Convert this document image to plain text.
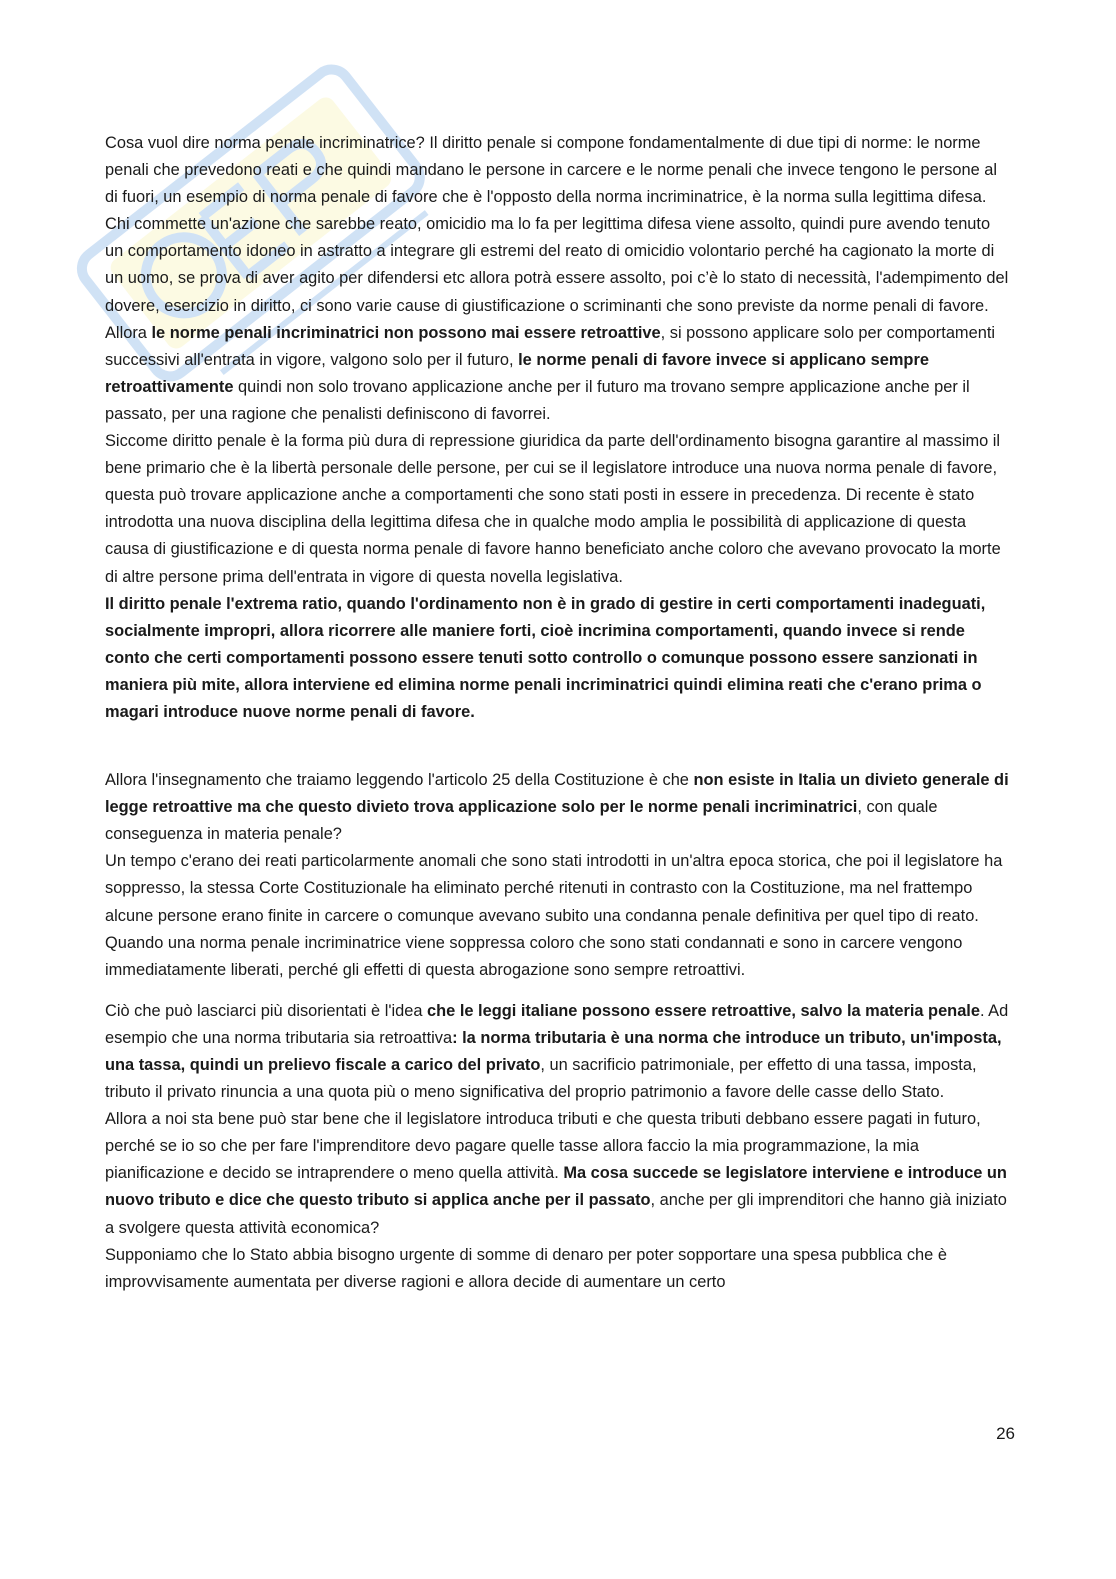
Cosa vuol dire norma penale incriminatrice? Il diritto penale si compone fondamentalmente di due tipi di norme: le norme penali che prevedono reati e che quindi mandano le persone in carcere e le norme penali che invece tengono le persone al di fuori, un esempio di norma penale di favore che è l'opposto della norma incriminatrice, è la norma sulla legittima difesa. Chi commette un'azione che sarebbe reato, omicidio ma lo fa per legittima difesa viene assolto, quindi pure avendo tenuto un comportamento idoneo in astratto a integrare gli estremi del reato di omicidio volontario perché ha cagionato la morte di un uomo, se prova di aver agito per difendersi etc allora potrà essere assolto, poi c’è lo stato di necessità, l'adempimento del dovere, esercizio in diritto, ci sono varie cause di giustificazione o scriminanti che sono previste da norme penali di favore.

Allora le norme penali incriminatrici non possono mai essere retroattive, si possono applicare solo per comportamenti successivi all'entrata in vigore, valgono solo per il futuro, le norme penali di favore invece si applicano sempre retroattivamente quindi non solo trovano applicazione anche per il futuro ma trovano sempre applicazione anche per il passato, per una ragione che penalisti definiscono di favorrei.

Siccome diritto penale è la forma più dura di repressione giuridica da parte dell'ordinamento bisogna garantire al massimo il bene primario che è la libertà personale delle persone, per cui se il legislatore introduce una nuova norma penale di favore, questa può trovare applicazione anche a comportamenti che sono stati posti in essere in precedenza. Di recente è stato introdotta una nuova disciplina della legittima difesa che in qualche modo amplia le possibilità di applicazione di questa causa di giustificazione e di questa norma penale di favore hanno beneficiato anche coloro che avevano provocato la morte di altre persone prima dell'entrata in vigore di questa novella legislativa.

Il diritto penale l'extrema ratio, quando l'ordinamento non è in grado di gestire in certi comportamenti inadeguati, socialmente impropri, allora ricorrere alle maniere forti, cioè incrimina comportamenti, quando invece si rende conto che certi comportamenti possono essere tenuti sotto controllo o comunque possono essere sanzionati in maniera più mite, allora interviene ed elimina norme penali incriminatrici quindi elimina reati che c'erano prima o magari introduce nuove norme penali di favore.

Allora l'insegnamento che traiamo leggendo l'articolo 25 della Costituzione è che non esiste in Italia un divieto generale di legge retroattive ma che questo divieto trova applicazione solo per le norme penali incriminatrici, con quale conseguenza in materia penale?

Un tempo c'erano dei reati particolarmente anomali che sono stati introdotti in un'altra epoca storica, che poi il legislatore ha soppresso, la stessa Corte Costituzionale ha eliminato perché ritenuti in contrasto con la Costituzione, ma nel frattempo alcune persone erano finite in carcere o comunque avevano subito una condanna penale definitiva per quel tipo di reato.

Quando una norma penale incriminatrice viene soppressa coloro che sono stati condannati e sono in carcere vengono immediatamente liberati, perché gli effetti di questa abrogazione sono sempre retroattivi.

Ciò che può lasciarci più disorientati è l'idea che le leggi italiane possono essere retroattive, salvo la materia penale. Ad esempio che una norma tributaria sia retroattiva: la norma tributaria è una norma che introduce un tributo, un'imposta, una tassa, quindi un prelievo fiscale a carico del privato, un sacrificio patrimoniale, per effetto di una tassa, imposta, tributo il privato rinuncia a una quota più o meno significativa del proprio patrimonio a favore delle casse dello Stato.

Allora a noi sta bene può star bene che il legislatore introduca tributi e che questa tributi debbano essere pagati in futuro, perché se io so che per fare l'imprenditore devo pagare quelle tasse allora faccio la mia programmazione, la mia pianificazione e decido se intraprendere o meno quella attività. Ma cosa succede se legislatore interviene e introduce un nuovo tributo e dice che questo tributo si applica anche per il passato, anche per gli imprenditori che hanno già iniziato a svolgere questa attività economica?

Supponiamo che lo Stato abbia bisogno urgente di somme di denaro per poter sopportare una spesa pubblica che è improvvisamente aumentata per diverse ragioni e allora decide di aumentare un certo

26
